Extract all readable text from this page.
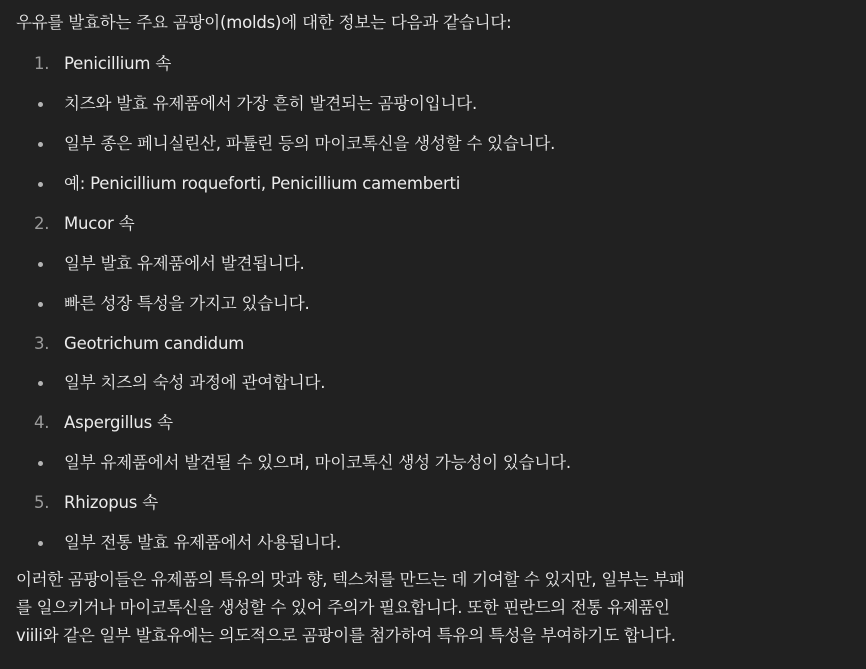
우유를 발효하는 주요 곰팡이(molds)에 대한 정보는 다음과 같습니다:

1. Penicillium 속
치즈와 발효 유제품에서 가장 흔히 발견되는 곰팡이입니다.
일부 종은 페니실린산, 파튤린 등의 마이코톡신을 생성할 수 있습니다.
예: Penicillium roqueforti, Penicillium camemberti
2. Mucor 속
일부 발효 유제품에서 발견됩니다.
빠른 성장 특성을 가지고 있습니다.
3. Geotrichum candidum
일부 치즈의 숙성 과정에 관여합니다.
4. Aspergillus 속
일부 유제품에서 발견될 수 있으며, 마이코톡신 생성 가능성이 있습니다.
5. Rhizopus 속
일부 전통 발효 유제품에서 사용됩니다.

이러한 곰팡이들은 유제품의 특유의 맛과 향, 텍스처를 만드는 데 기여할 수 있지만, 일부는 부패
를 일으키거나 마이코톡신을 생성할 수 있어 주의가 필요합니다. 또한 핀란드의 전통 유제품인
viili와 같은 일부 발효유에는 의도적으로 곰팡이를 첨가하여 특유의 특성을 부여하기도 합니다.
